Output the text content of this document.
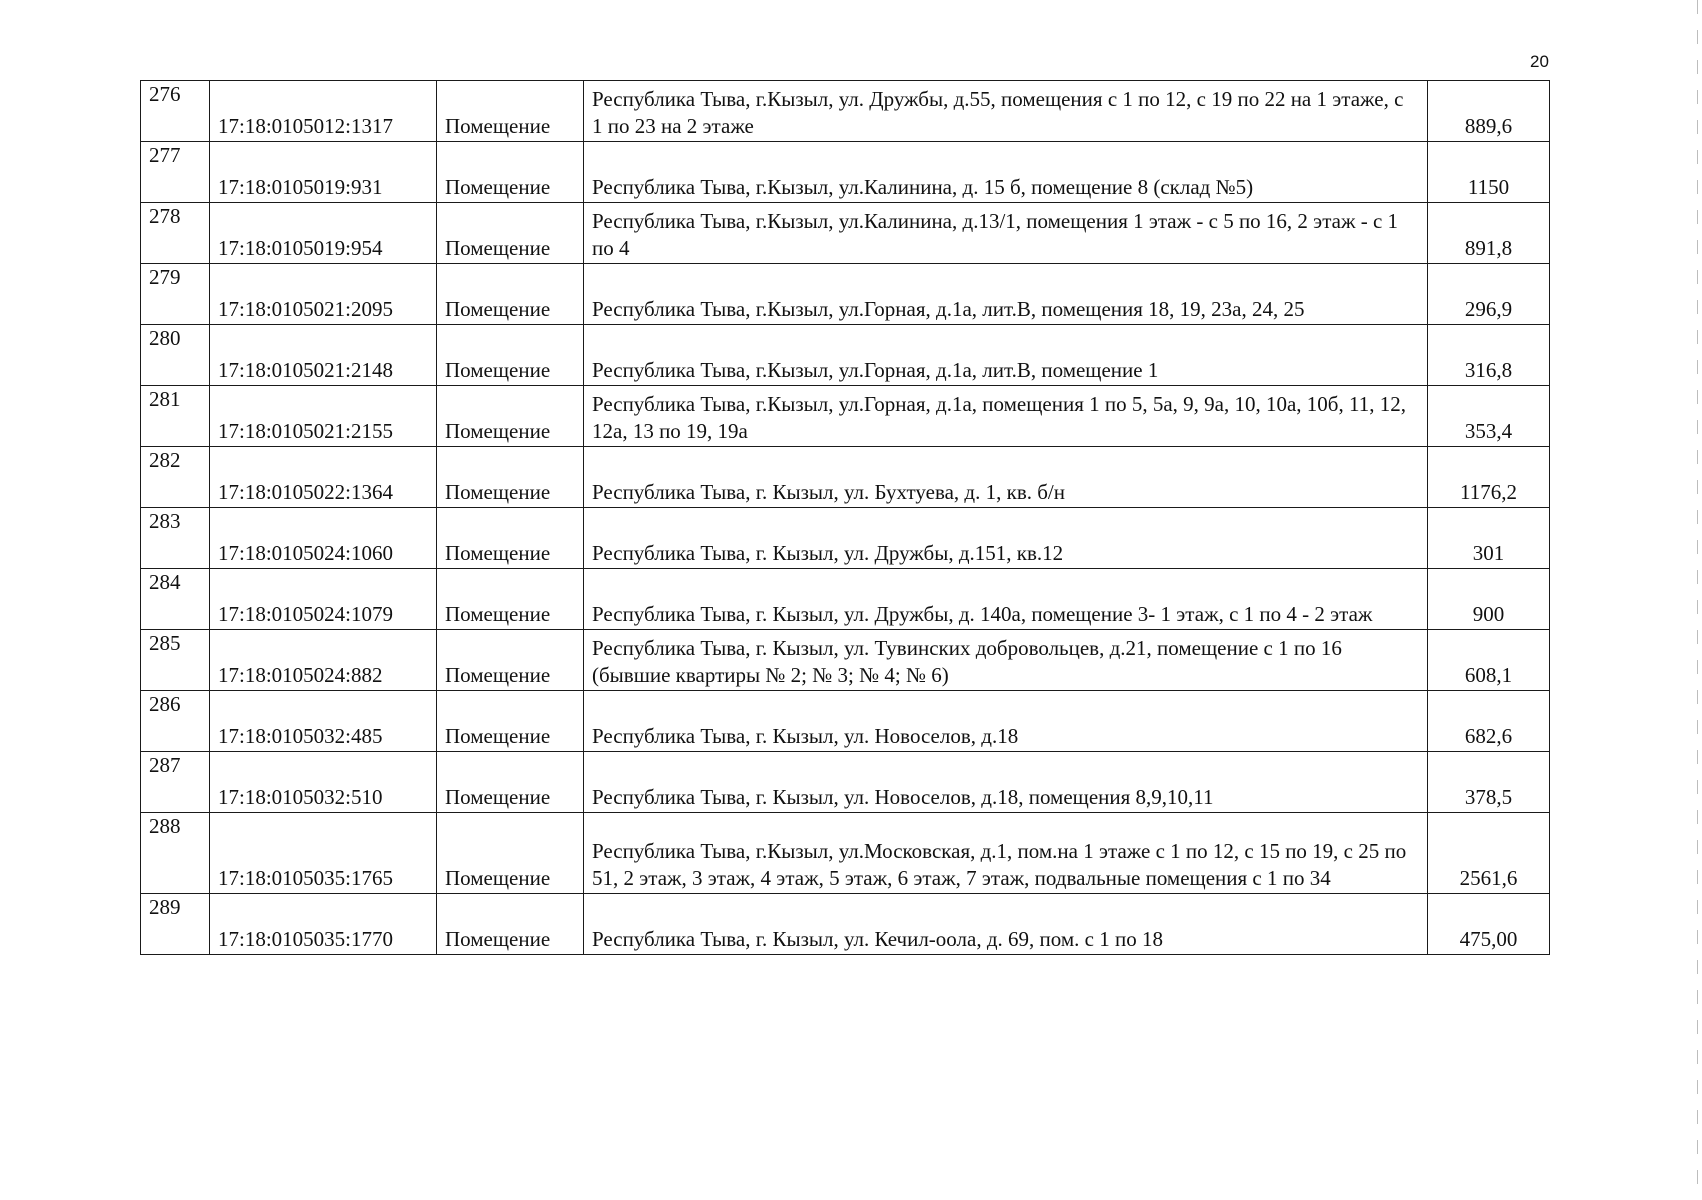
20
276	17:18:0105012:1317	Помещение	Республика Тыва, г.Кызыл, ул. Дружбы, д.55, помещения с 1 по 12, с 19 по 22 на 1 этаже, с 1 по 23 на 2 этаже	889,6
277	17:18:0105019:931	Помещение	Республика Тыва, г.Кызыл, ул.Калинина, д. 15 б, помещение 8 (склад №5)	1150
278	17:18:0105019:954	Помещение	Республика Тыва, г.Кызыл, ул.Калинина, д.13/1, помещения 1 этаж - с 5 по 16, 2 этаж - с 1 по 4	891,8
279	17:18:0105021:2095	Помещение	Республика Тыва, г.Кызыл, ул.Горная, д.1а, лит.В, помещения 18, 19, 23а, 24, 25	296,9
280	17:18:0105021:2148	Помещение	Республика Тыва, г.Кызыл, ул.Горная, д.1а, лит.В, помещение 1	316,8
281	17:18:0105021:2155	Помещение	Республика Тыва, г.Кызыл, ул.Горная, д.1а, помещения 1 по 5, 5а, 9, 9а, 10, 10а, 10б, 11, 12, 12а, 13 по 19, 19а	353,4
282	17:18:0105022:1364	Помещение	Республика Тыва, г. Кызыл, ул. Бухтуева, д. 1, кв. б/н	1176,2
283	17:18:0105024:1060	Помещение	Республика Тыва, г. Кызыл, ул. Дружбы, д.151, кв.12	301
284	17:18:0105024:1079	Помещение	Республика Тыва, г. Кызыл, ул. Дружбы, д. 140а, помещение 3- 1 этаж, с 1 по 4 - 2 этаж	900
285	17:18:0105024:882	Помещение	Республика Тыва, г. Кызыл, ул. Тувинских добровольцев, д.21, помещение с 1 по 16 (бывшие квартиры № 2; № 3; № 4; № 6)	608,1
286	17:18:0105032:485	Помещение	Республика Тыва, г. Кызыл, ул. Новоселов, д.18	682,6
287	17:18:0105032:510	Помещение	Республика Тыва, г. Кызыл, ул. Новоселов, д.18, помещения 8,9,10,11	378,5
288	17:18:0105035:1765	Помещение	Республика Тыва, г.Кызыл, ул.Московская, д.1, пом.на 1 этаже с 1 по 12, с 15 по 19, с 25 по 51, 2 этаж, 3 этаж, 4 этаж, 5 этаж, 6 этаж, 7 этаж, подвальные помещения с 1 по 34	2561,6
289	17:18:0105035:1770	Помещение	Республика Тыва, г. Кызыл, ул. Кечил-оола, д. 69, пом. с 1 по 18	475,00
